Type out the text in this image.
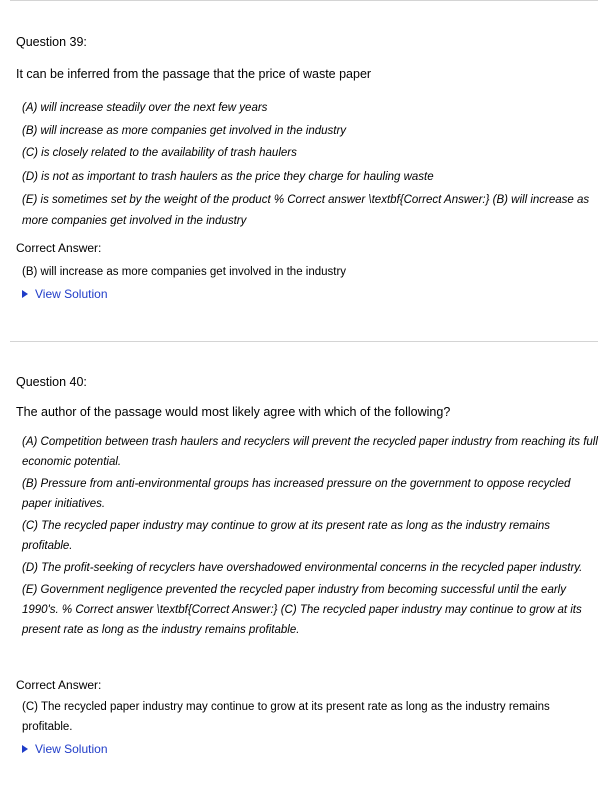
Question 39:

It can be inferred from the passage that the price of waste paper

(A) will increase steadily over the next few years
(B) will increase as more companies get involved in the industry
(C) is closely related to the availability of trash haulers
(D) is not as important to trash haulers as the price they charge for hauling waste
(E) is sometimes set by the weight of the product % Correct answer \textbf{Correct Answer:} (B) will increase as more companies get involved in the industry

Correct Answer:

(B) will increase as more companies get involved in the industry

View Solution

Question 40:

The author of the passage would most likely agree with which of the following?

(A) Competition between trash haulers and recyclers will prevent the recycled paper industry from reaching its full economic potential.
(B) Pressure from anti-environmental groups has increased pressure on the government to oppose recycled paper initiatives.
(C) The recycled paper industry may continue to grow at its present rate as long as the industry remains profitable.
(D) The profit-seeking of recyclers have overshadowed environmental concerns in the recycled paper industry.
(E) Government negligence prevented the recycled paper industry from becoming successful until the early 1990's. % Correct answer \textbf{Correct Answer:} (C) The recycled paper industry may continue to grow at its present rate as long as the industry remains profitable.

Correct Answer:

(C) The recycled paper industry may continue to grow at its present rate as long as the industry remains profitable.

View Solution
